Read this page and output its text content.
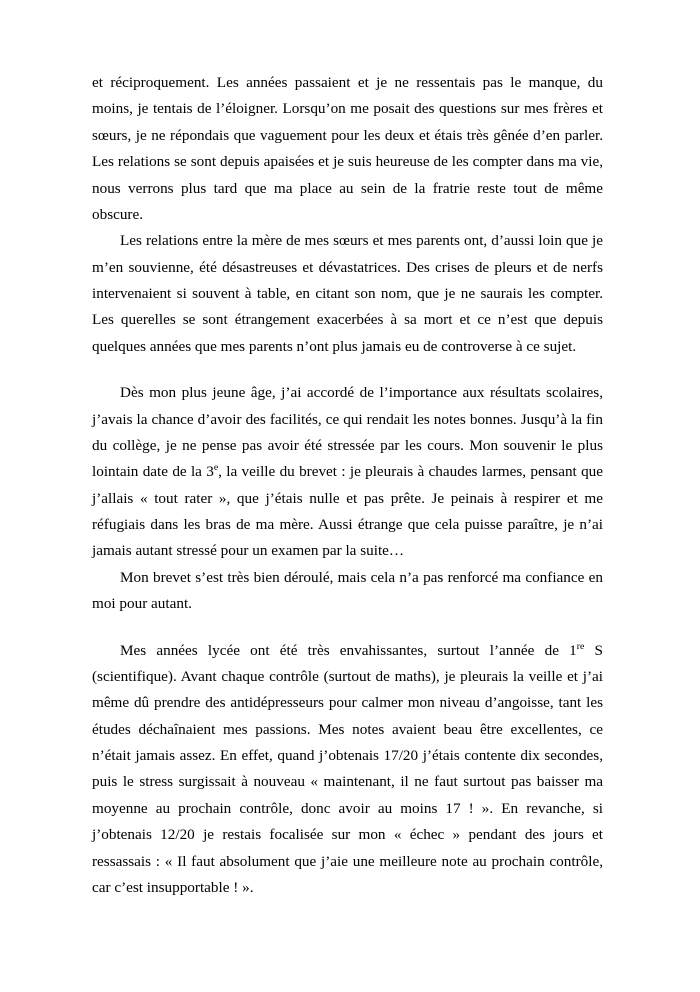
et réciproquement. Les années passaient et je ne ressentais pas le manque, du moins, je tentais de l’éloigner. Lorsqu’on me posait des questions sur mes frères et sœurs, je ne répondais que vaguement pour les deux et étais très gênée d’en parler. Les relations se sont depuis apaisées et je suis heureuse de les compter dans ma vie, nous verrons plus tard que ma place au sein de la fratrie reste tout de même obscure.

Les relations entre la mère de mes sœurs et mes parents ont, d’aussi loin que je m’en souvienne, été désastreuses et dévastatrices. Des crises de pleurs et de nerfs intervenaient si souvent à table, en citant son nom, que je ne saurais les compter. Les querelles se sont étrangement exacerbées à sa mort et ce n’est que depuis quelques années que mes parents n’ont plus jamais eu de controverse à ce sujet.

Dès mon plus jeune âge, j’ai accordé de l’importance aux résultats scolaires, j’avais la chance d’avoir des facilités, ce qui rendait les notes bonnes. Jusqu’à la fin du collège, je ne pense pas avoir été stressée par les cours. Mon souvenir le plus lointain date de la 3e, la veille du brevet : je pleurais à chaudes larmes, pensant que j’allais « tout rater », que j’étais nulle et pas prête. Je peinais à respirer et me réfugiais dans les bras de ma mère. Aussi étrange que cela puisse paraître, je n’ai jamais autant stressé pour un examen par la suite…

Mon brevet s’est très bien déroulé, mais cela n’a pas renforcé ma confiance en moi pour autant.

Mes années lycée ont été très envahissantes, surtout l’année de 1re S (scientifique). Avant chaque contrôle (surtout de maths), je pleurais la veille et j’ai même dû prendre des antidépresseurs pour calmer mon niveau d’angoisse, tant les études déchaînaient mes passions. Mes notes avaient beau être excellentes, ce n’était jamais assez. En effet, quand j’obtenais 17/20 j’étais contente dix secondes, puis le stress surgissait à nouveau « maintenant, il ne faut surtout pas baisser ma moyenne au prochain contrôle, donc avoir au moins 17 ! ». En revanche, si j’obtenais 12/20 je restais focalisée sur mon « échec » pendant des jours et ressassais : « Il faut absolument que j’aie une meilleure note au prochain contrôle, car c’est insupportable ! ».
